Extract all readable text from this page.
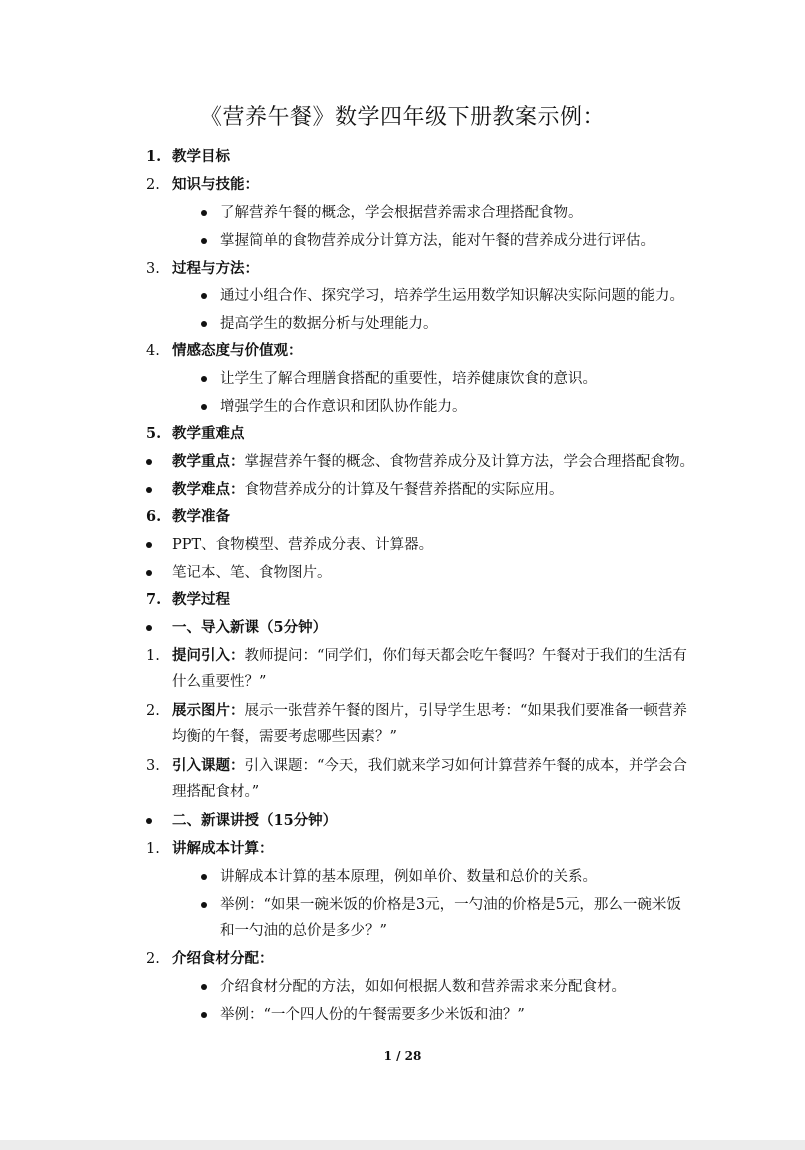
《营养午餐》数学四年级下册教案示例：
1. 教学目标
2. 知识与技能：
了解营养午餐的概念，学会根据营养需求合理搭配食物。
掌握简单的食物营养成分计算方法，能对午餐的营养成分进行评估。
3. 过程与方法：
通过小组合作、探究学习，培养学生运用数学知识解决实际问题的能力。
提高学生的数据分析与处理能力。
4. 情感态度与价值观：
让学生了解合理膳食搭配的重要性，培养健康饮食的意识。
增强学生的合作意识和团队协作能力。
5. 教学重难点
教学重点：掌握营养午餐的概念、食物营养成分及计算方法，学会合理搭配食物。
教学难点：食物营养成分的计算及午餐营养搭配的实际应用。
6. 教学准备
PPT、食物模型、营养成分表、计算器。
笔记本、笔、食物图片。
7. 教学过程
一、导入新课（5分钟）
1. 提问引入：教师提问：“同学们，你们每天都会吃午餐吗？午餐对于我们的生活有
什么重要性？”
2. 展示图片：展示一张营养午餐的图片，引导学生思考：“如果我们要准备一顿营养
均衡的午餐，需要考虑哪些因素？”
3. 引入课题：引入课题：“今天，我们就来学习如何计算营养午餐的成本，并学会合
理搭配食材。”
二、新课讲授（15分钟）
1. 讲解成本计算：
讲解成本计算的基本原理，例如单价、数量和总价的关系。
举例：“如果一碗米饭的价格是3元，一勺油的价格是5元，那么一碗米饭
和一勺油的总价是多少？”
2. 介绍食材分配：
介绍食材分配的方法，如如何根据人数和营养需求来分配食材。
举例：“一个四人份的午餐需要多少米饭和油？”
1 / 28
